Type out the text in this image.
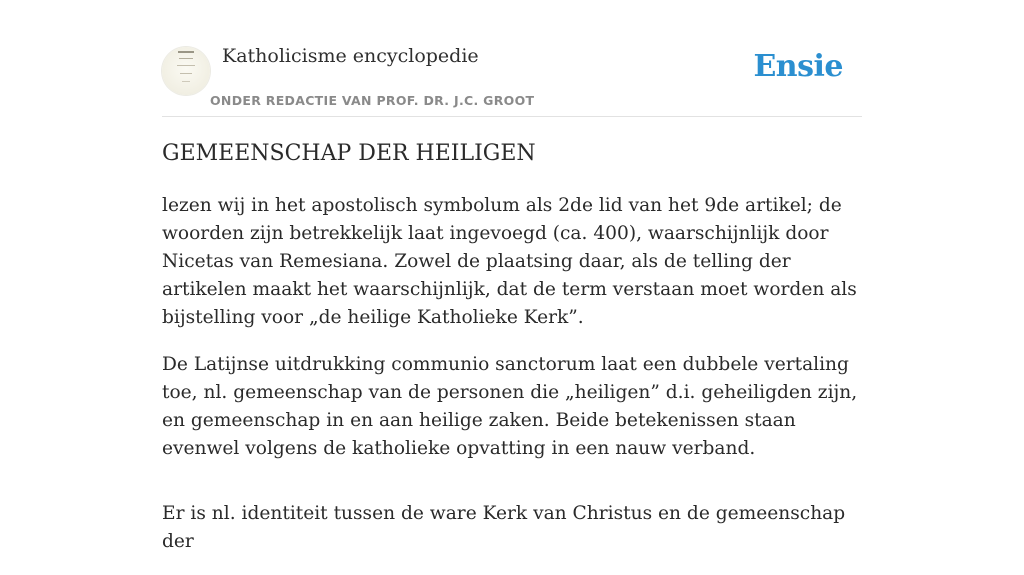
Katholicisme encyclopedie
ONDER REDACTIE VAN PROF. DR. J.C. GROOT
Ensie
GEMEENSCHAP DER HEILIGEN

lezen wij in het apostolisch symbolum als 2de lid van het 9de artikel; de woorden zijn betrekkelijk laat ingevoegd (ca. 400), waarschijnlijk door Nicetas van Remesiana. Zowel de plaatsing daar, als de telling der artikelen maakt het waarschijnlijk, dat de term verstaan moet worden als bijstelling voor „de heilige Katholieke Kerk”.

De Latijnse uitdrukking communio sanctorum laat een dubbele vertaling toe, nl. gemeenschap van de personen die „heiligen” d.i. geheiligden zijn, en gemeenschap in en aan heilige zaken. Beide betekenissen staan evenwel volgens de katholieke opvatting in een nauw verband.

Er is nl. identiteit tussen de ware Kerk van Christus en de gemeenschap der
